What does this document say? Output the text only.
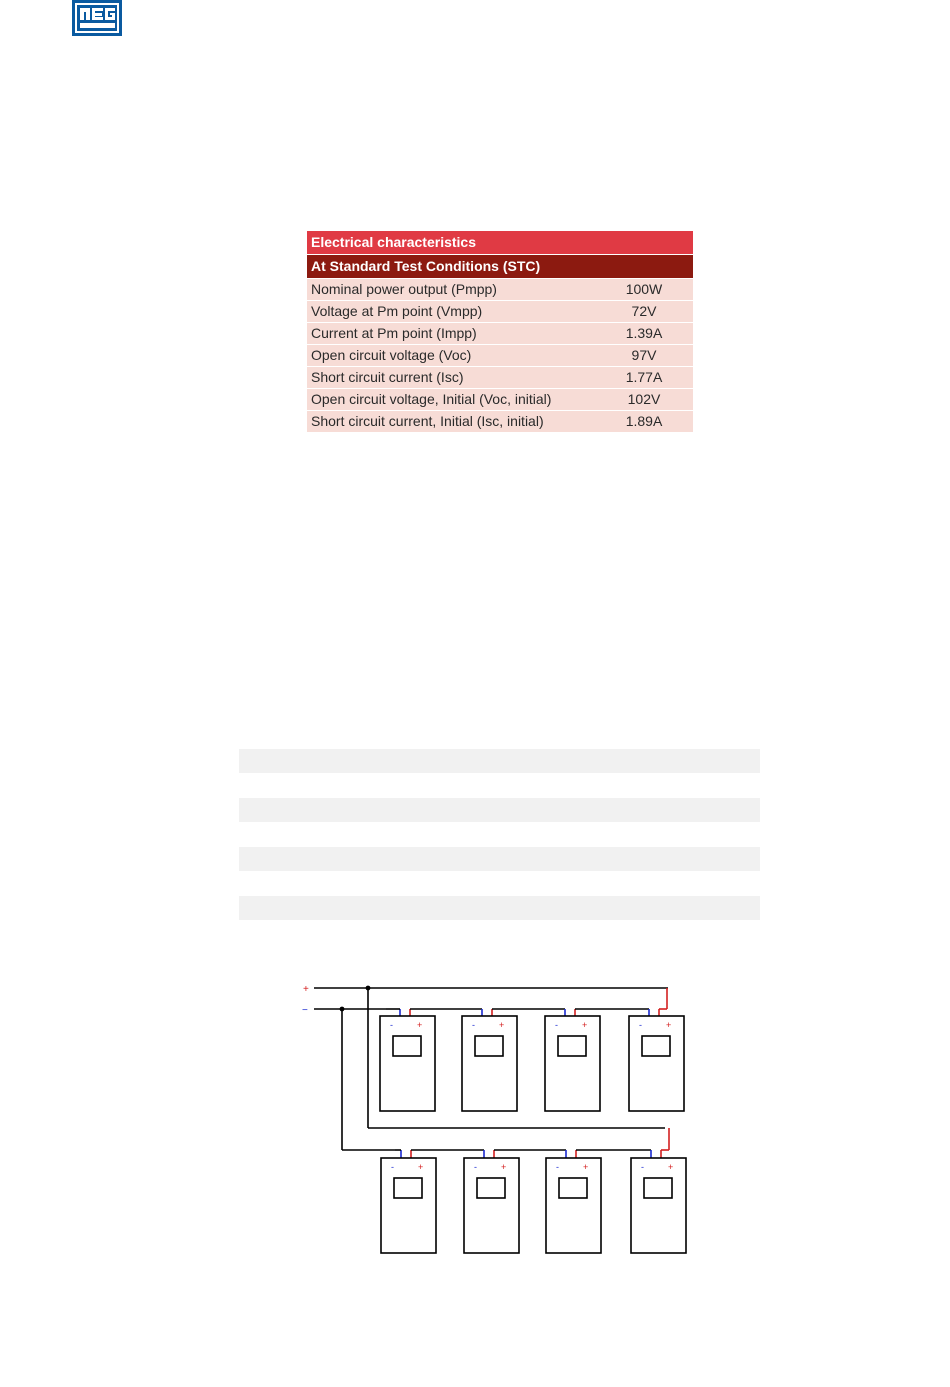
Electrical characteristics	
At Standard Test Conditions (STC)	
Nominal power output (Pmpp)	100W
Voltage at Pm point (Vmpp)	72V
Current at Pm point (Impp)	1.39A
Open circuit voltage (Voc)	97V
Short circuit current (Isc)	1.77A
Open circuit voltage, Initial (Voc, initial)	102V
Short circuit current, Initial (Isc, initial)	1.89A
+
−
-	+	-	+	-	+	-	+
-	+	-	+	-	+	-	+
